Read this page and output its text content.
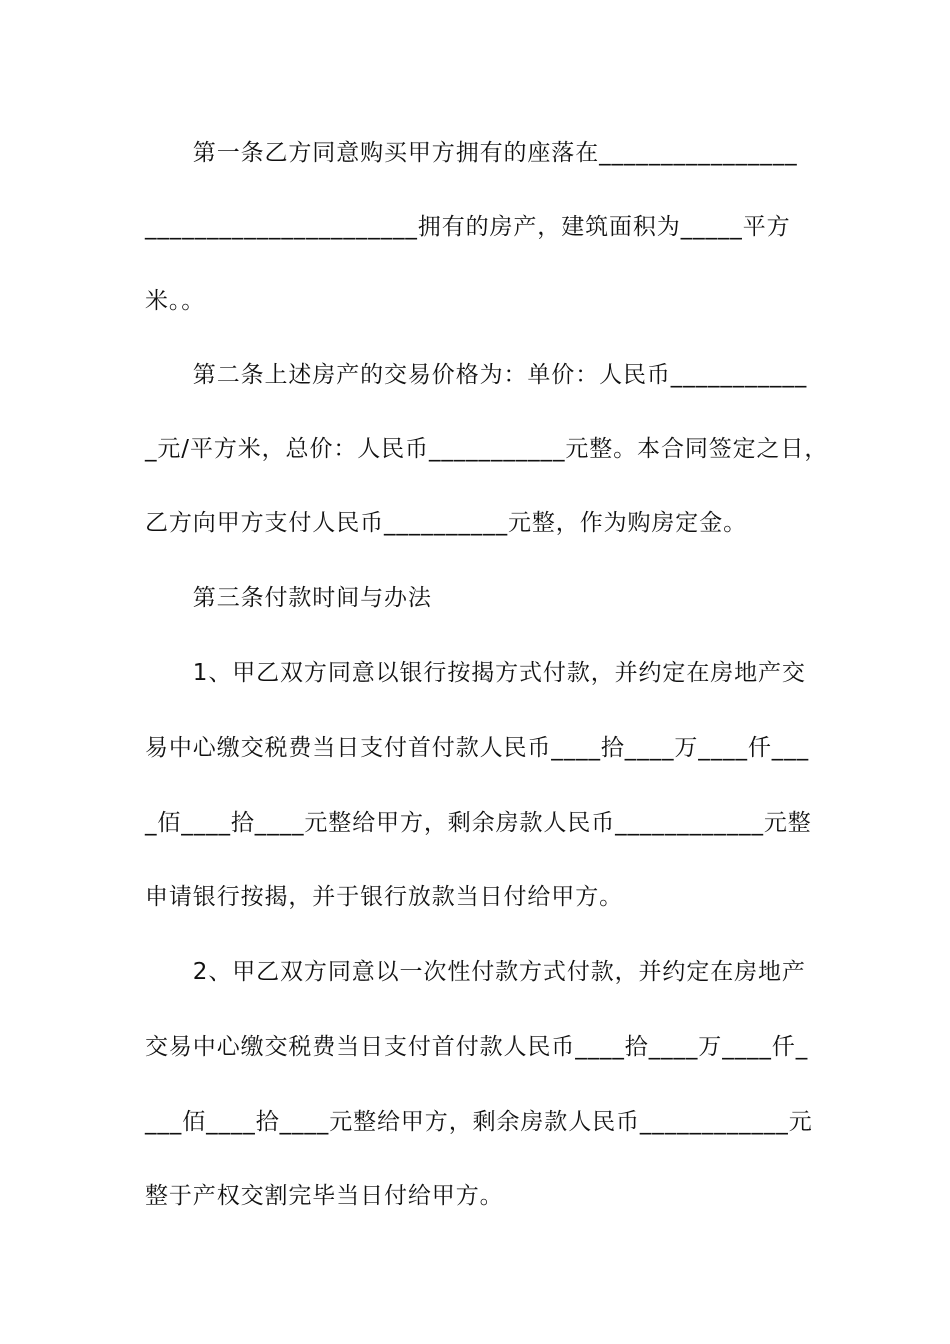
　　第一条乙方同意购买甲方拥有的座落在________________
______________________拥有的房产，建筑面积为_____平方
米。。
　　第二条上述房产的交易价格为：单价：人民币___________
_元/平方米，总价：人民币___________元整。本合同签定之日，
乙方向甲方支付人民币__________元整，作为购房定金。
　　第三条付款时间与办法
　　1、甲乙双方同意以银行按揭方式付款，并约定在房地产交
易中心缴交税费当日支付首付款人民币____拾____万____仟___
_佰____拾____元整给甲方，剩余房款人民币____________元整
申请银行按揭，并于银行放款当日付给甲方。
　　2、甲乙双方同意以一次性付款方式付款，并约定在房地产
交易中心缴交税费当日支付首付款人民币____拾____万____仟_
___佰____拾____元整给甲方，剩余房款人民币____________元
整于产权交割完毕当日付给甲方。
